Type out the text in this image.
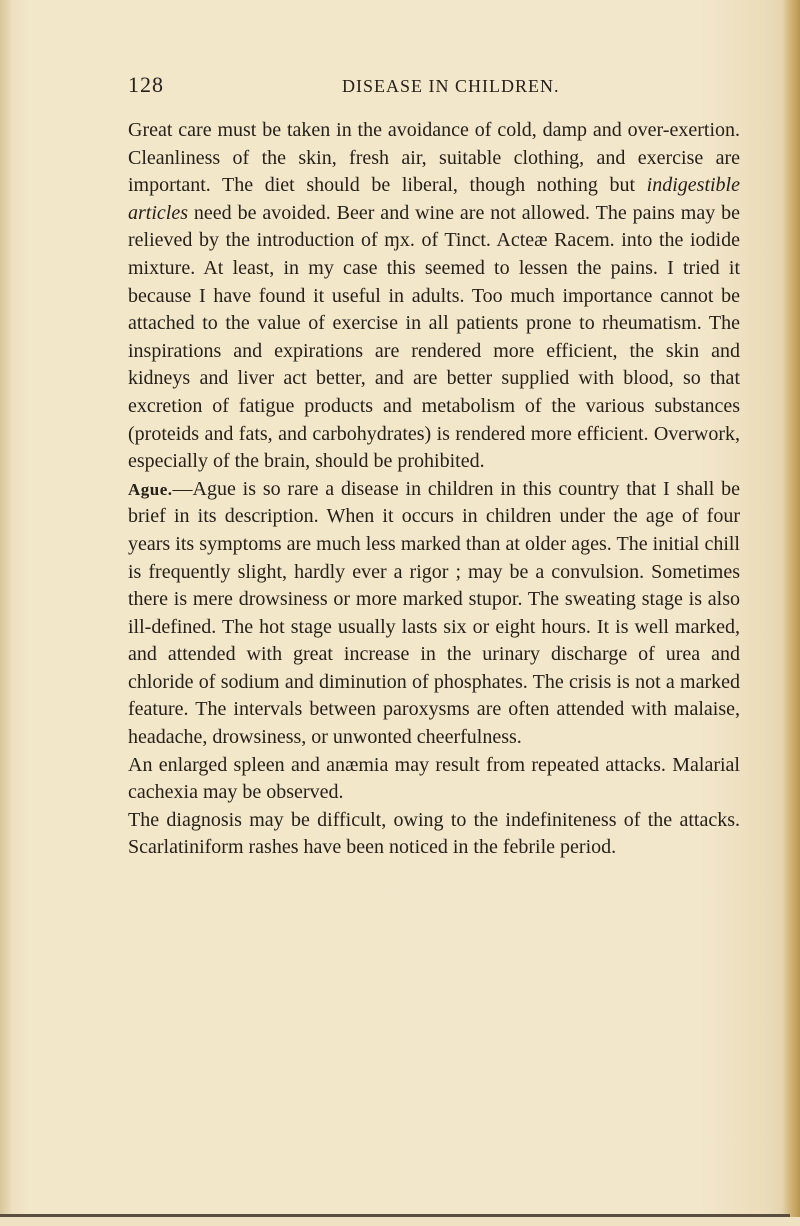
128	DISEASE IN CHILDREN.

Great care must be taken in the avoidance of cold, damp and over-exertion. Cleanliness of the skin, fresh air, suitable clothing, and exercise are important. The diet should be liberal, though nothing but indigestible articles need be avoided. Beer and wine are not allowed. The pains may be relieved by the introduction of ɱx. of Tinct. Acteæ Racem. into the iodide mixture. At least, in my case this seemed to lessen the pains. I tried it because I have found it useful in adults. Too much importance cannot be attached to the value of exercise in all patients prone to rheumatism. The inspirations and expirations are rendered more efficient, the skin and kidneys and liver act better, and are better supplied with blood, so that excretion of fatigue products and metabolism of the various substances (proteids and fats, and carbohydrates) is rendered more efficient. Overwork, especially of the brain, should be prohibited.

Ague.—Ague is so rare a disease in children in this country that I shall be brief in its description. When it occurs in children under the age of four years its symptoms are much less marked than at older ages. The initial chill is frequently slight, hardly ever a rigor ; may be a convulsion. Sometimes there is mere drowsiness or more marked stupor. The sweating stage is also ill-defined. The hot stage usually lasts six or eight hours. It is well marked, and attended with great increase in the urinary discharge of urea and chloride of sodium and diminution of phosphates. The crisis is not a marked feature. The intervals between paroxysms are often attended with malaise, headache, drowsiness, or unwonted cheerfulness.

An enlarged spleen and anæmia may result from repeated attacks. Malarial cachexia may be observed.

The diagnosis may be difficult, owing to the indefiniteness of the attacks. Scarlatiniform rashes have been noticed in the febrile period.
